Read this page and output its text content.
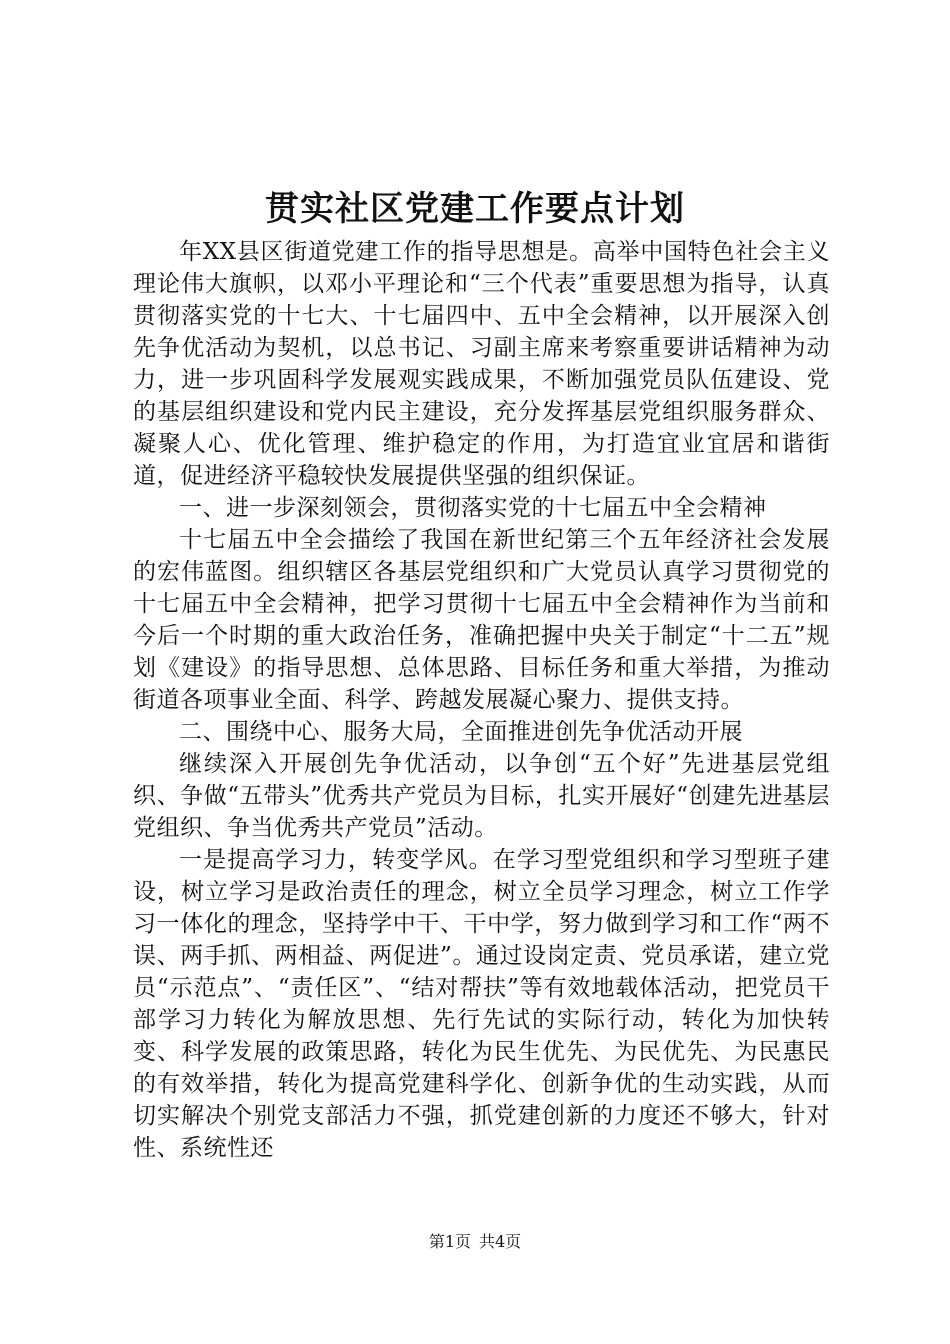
贯实社区党建工作要点计划

年XX县区街道党建工作的指导思想是。高举中国特色社会主义理论伟大旗帜，以邓小平理论和“三个代表”重要思想为指导，认真贯彻落实党的十七大、十七届四中、五中全会精神，以开展深入创先争优活动为契机，以总书记、习副主席来考察重要讲话精神为动力，进一步巩固科学发展观实践成果，不断加强党员队伍建设、党的基层组织建设和党内民主建设，充分发挥基层党组织服务群众、凝聚人心、优化管理、维护稳定的作用，为打造宜业宜居和谐街道，促进经济平稳较快发展提供坚强的组织保证。

一、进一步深刻领会，贯彻落实党的十七届五中全会精神

十七届五中全会描绘了我国在新世纪第三个五年经济社会发展的宏伟蓝图。组织辖区各基层党组织和广大党员认真学习贯彻党的十七届五中全会精神，把学习贯彻十七届五中全会精神作为当前和今后一个时期的重大政治任务，准确把握中央关于制定“十二五”规划《建设》的指导思想、总体思路、目标任务和重大举措，为推动街道各项事业全面、科学、跨越发展凝心聚力、提供支持。

二、围绕中心、服务大局，全面推进创先争优活动开展

继续深入开展创先争优活动，以争创“五个好”先进基层党组织、争做“五带头”优秀共产党员为目标，扎实开展好“创建先进基层党组织、争当优秀共产党员”活动。

一是提高学习力，转变学风。在学习型党组织和学习型班子建设，树立学习是政治责任的理念，树立全员学习理念，树立工作学习一体化的理念，坚持学中干、干中学，努力做到学习和工作“两不误、两手抓、两相益、两促进”。通过设岗定责、党员承诺，建立党员“示范点”、“责任区”、“结对帮扶”等有效地载体活动，把党员干部学习力转化为解放思想、先行先试的实际行动，转化为加快转变、科学发展的政策思路，转化为民生优先、为民优先、为民惠民的有效举措，转化为提高党建科学化、创新争优的生动实践，从而切实解决个别党支部活力不强，抓党建创新的力度还不够大，针对性、系统性还

第1页 共4页
